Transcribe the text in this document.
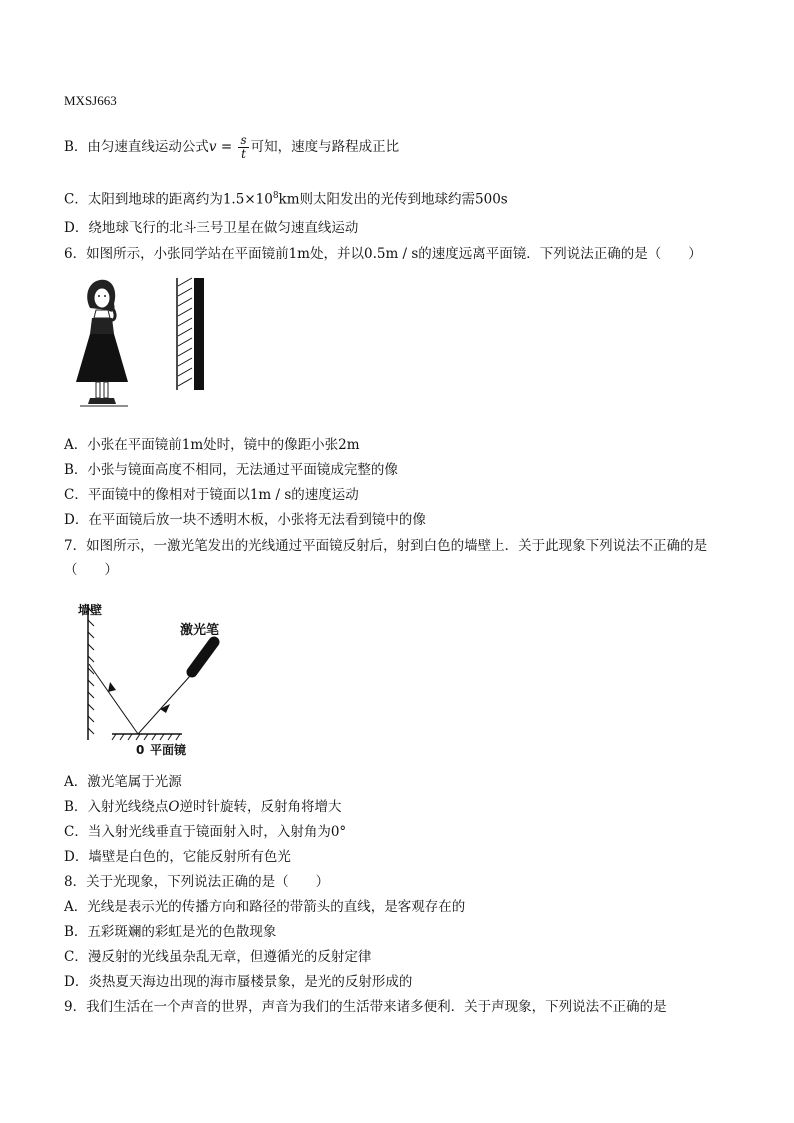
MXSJ663
B．由匀速直线运动公式$v = \frac{s}{t}$ 可知，速度与路程成正比
C．太阳到地球的距离约为$1.5\times 10^8km$则太阳发出的光传到地球约需500s
D．绕地球飞行的北斗三号卫星在做匀速直线运动
6．如图所示，小张同学站在平面镜前1m处，并以0.5m / s的速度远离平面镜．下列说法正确的是（　　）
A．小张在平面镜前1m处时，镜中的像距小张2m
B．小张与镜面高度不相同，无法通过平面镜成完整的像
C．平面镜中的像相对于镜面以1m / s的速度运动
D．在平面镜后放一块不透明木板，小张将无法看到镜中的像
7．如图所示，一激光笔发出的光线通过平面镜反射后，射到白色的墙壁上．关于此现象下列说法不正确的是
（　　）
墙壁
0 平面镜
激光笔
A．激光笔属于光源
B．入射光线绕点O逆时针旋转，反射角将增大
C．当入射光线垂直于镜面射入时，入射角为0°
D．墙壁是白色的，它能反射所有色光
8．关于光现象，下列说法正确的是（　　）
A．光线是表示光的传播方向和路径的带箭头的直线，是客观存在的
B．五彩斑斓的彩虹是光的色散现象
C．漫反射的光线虽杂乱无章，但遵循光的反射定律
D．炎热夏天海边出现的海市蜃楼景象，是光的反射形成的
9．我们生活在一个声音的世界，声音为我们的生活带来诸多便利．关于声现象，下列说法不正确的是
